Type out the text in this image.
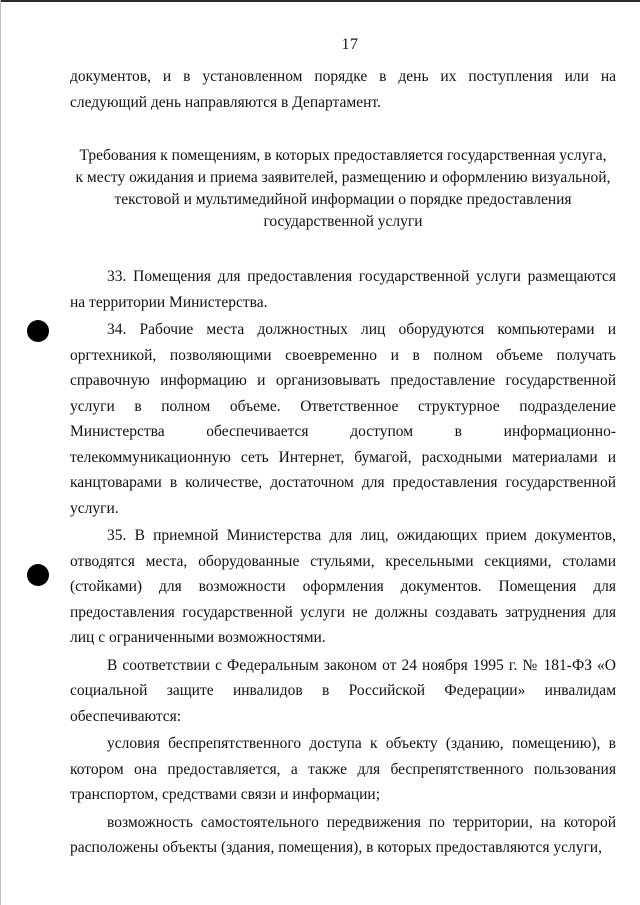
17

документов, и в установленном порядке в день их поступления или на следующий день направляются в Департамент.

Требования к помещениям, в которых предоставляется государственная услуга,
к месту ожидания и приема заявителей, размещению и оформлению визуальной,
текстовой и мультимедийной информации о порядке предоставления
государственной услуги

33. Помещения для предоставления государственной услуги размещаются на территории Министерства.

34. Рабочие места должностных лиц оборудуются компьютерами и оргтехникой, позволяющими своевременно и в полном объеме получать справочную информацию и организовывать предоставление государственной услуги в полном объеме. Ответственное структурное подразделение Министерства обеспечивается доступом в информационно-телекоммуникационную сеть Интернет, бумагой, расходными материалами и канцтоварами в количестве, достаточном для предоставления государственной услуги.

35. В приемной Министерства для лиц, ожидающих прием документов, отводятся места, оборудованные стульями, кресельными секциями, столами (стойками) для возможности оформления документов. Помещения для предоставления государственной услуги не должны создавать затруднения для лиц с ограниченными возможностями.

В соответствии с Федеральным законом от 24 ноября 1995 г. № 181-ФЗ «О социальной защите инвалидов в Российской Федерации» инвалидам обеспечиваются:

условия беспрепятственного доступа к объекту (зданию, помещению), в котором она предоставляется, а также для беспрепятственного пользования транспортом, средствами связи и информации;

возможность самостоятельного передвижения по территории, на которой расположены объекты (здания, помещения), в которых предоставляются услуги,
